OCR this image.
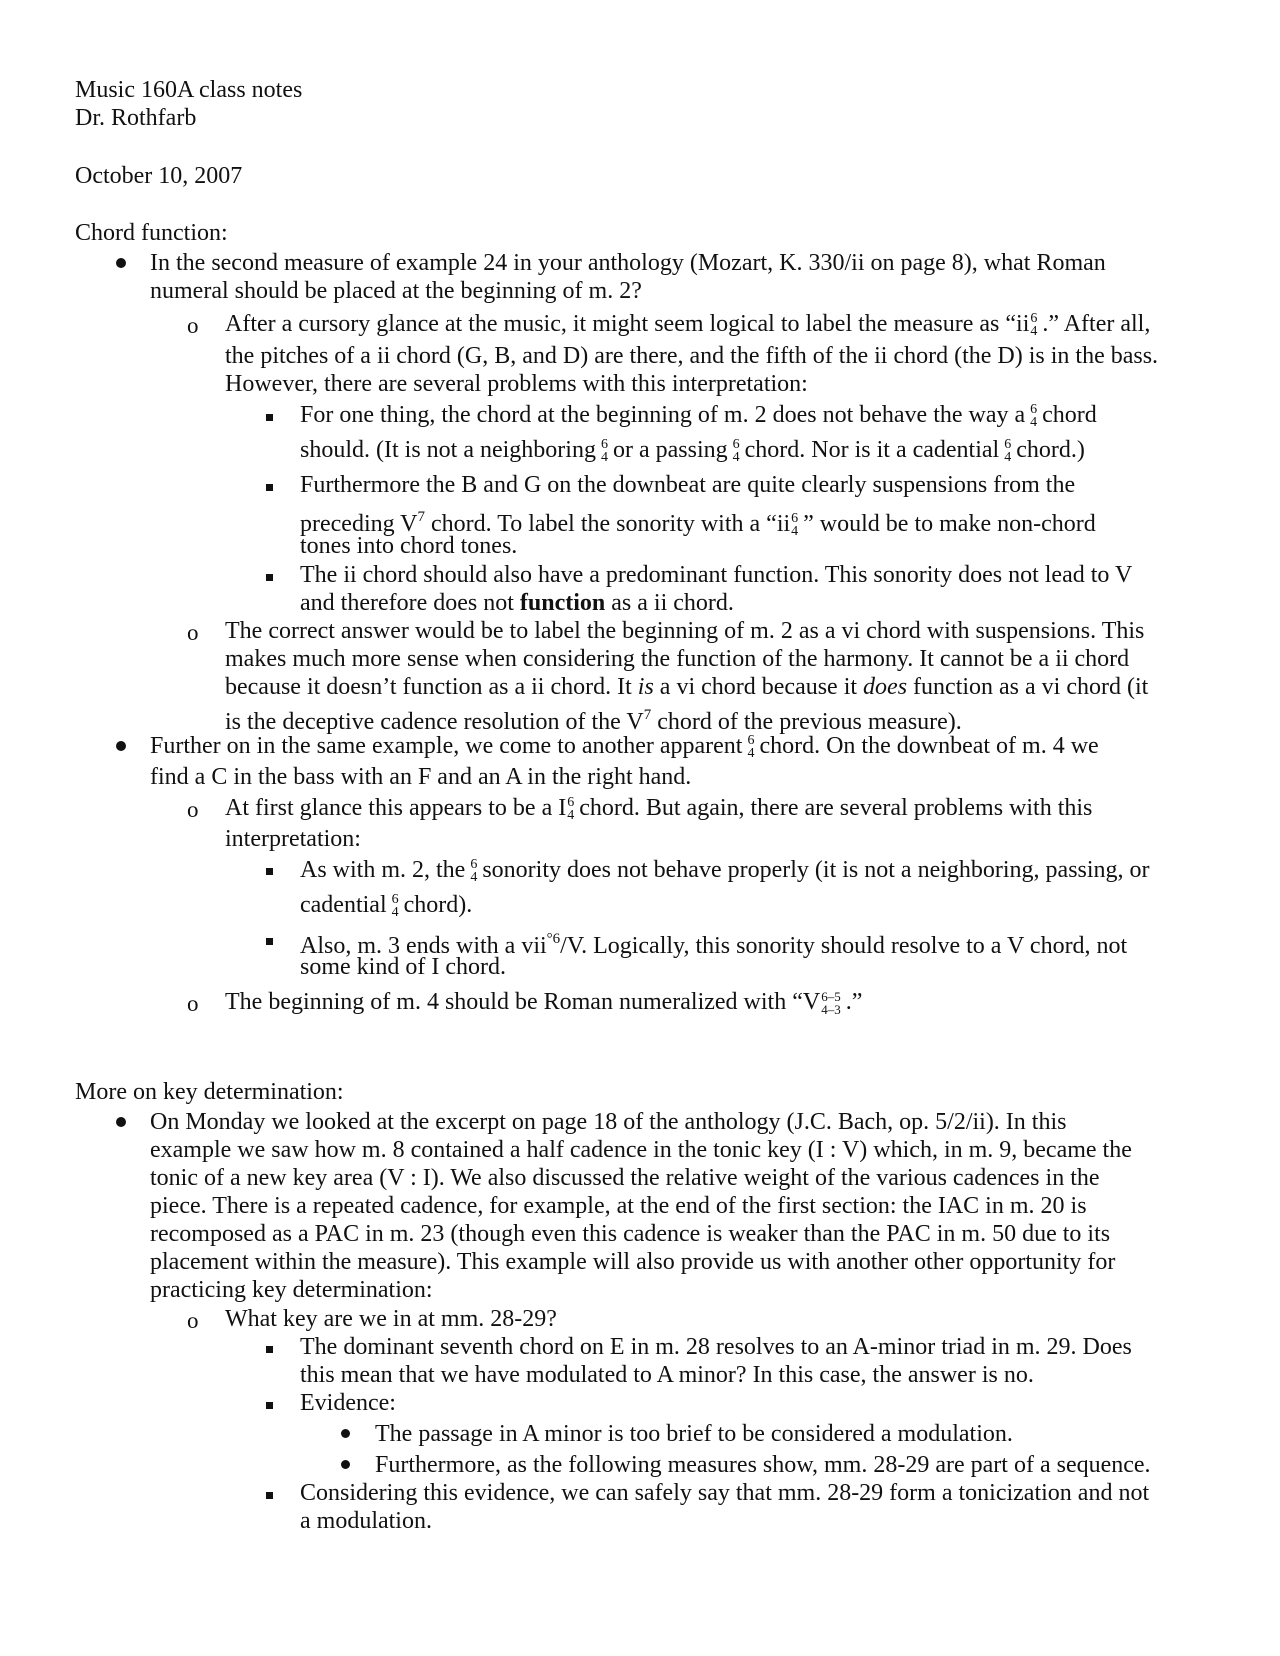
Music 160A class notes
Dr. Rothfarb
October 10, 2007
Chord function:
In the second measure of example 24 in your anthology (Mozart, K. 330/ii on page 8), what Roman
numeral should be placed at the beginning of m. 2?
o After a cursory glance at the music, it might seem logical to label the measure as “ii 6
4 .” After all,
the pitches of a ii chord (G, B, and D) are there, and the fifth of the ii chord (the D) is in the bass.
However, there are several problems with this interpretation:
For one thing, the chord at the beginning of m. 2 does not behave the way a 6
4 chord
should. (It is not a neighboring 6
4 or a passing 6
4 chord. Nor is it a cadential 6
4 chord.)
Furthermore the B and G on the downbeat are quite clearly suspensions from the
preceding $V^7$ chord. To label the sonority with a “ii 6
4 ” would be to make non-chord
tones into chord tones.
The ii chord should also have a predominant function. This sonority does not lead to V
and therefore does not function as a ii chord.
o The correct answer would be to label the beginning of m. 2 as a vi chord with suspensions. This
makes much more sense when considering the function of the harmony. It cannot be a ii chord
because it doesn’t function as a ii chord. It is a vi chord because it does function as a vi chord (it
is the deceptive cadence resolution of the $V^7$ chord of the previous measure).
Further on in the same example, we come to another apparent 6
4 chord. On the downbeat of m. 4 we
find a C in the bass with an F and an A in the right hand.
o At first glance this appears to be a I 6
4 chord. But again, there are several problems with this
interpretation:
As with m. 2, the 6
4 sonority does not behave properly (it is not a neighboring, passing, or
cadential 6
4 chord).
Also, m. 3 ends with a vii$^{^\circ 6}$/V. Logically, this sonority should resolve to a V chord, not
some kind of I chord.
o The beginning of m. 4 should be Roman numeralized with “V 6–5
4–3 .”
More on key determination:
On Monday we looked at the excerpt on page 18 of the anthology (J.C. Bach, op. 5/2/ii). In this
example we saw how m. 8 contained a half cadence in the tonic key (I : V) which, in m. 9, became the
tonic of a new key area (V : I). We also discussed the relative weight of the various cadences in the
piece. There is a repeated cadence, for example, at the end of the first section: the IAC in m. 20 is
recomposed as a PAC in m. 23 (though even this cadence is weaker than the PAC in m. 50 due to its
placement within the measure). This example will also provide us with another other opportunity for
practicing key determination:
o What key are we in at mm. 28-29?
The dominant seventh chord on E in m. 28 resolves to an A-minor triad in m. 29. Does
this mean that we have modulated to A minor? In this case, the answer is no.
Evidence:
The passage in A minor is too brief to be considered a modulation.
Furthermore, as the following measures show, mm. 28-29 are part of a sequence.
Considering this evidence, we can safely say that mm. 28-29 form a tonicization and not
a modulation.
